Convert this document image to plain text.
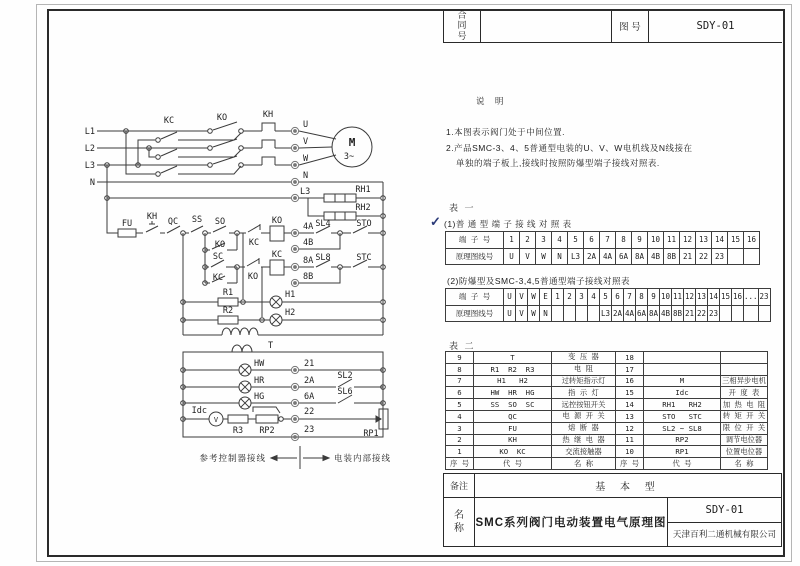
合同号
图 号	SDY-01
说 明
1.本图表示阀门处于中间位置.
2.产品SMC-3、4、5普通型电装的U、V、W电机线及N线接在
单独的端子板上,接线时按照防爆型端子接线对照表.
表 一
✓ (1)普 通 型 端 子 接 线 对 照 表
端 子 号	1	2	3	4	5	6	7	8	9	10	11	12	13	14	15	16
原理图线号	U	V	W	N	L3	2A	4A	6A	8A	4B	8B	21	22	23		
(2)防爆型及SMC-3,4,5普通型端子接线对照表
端 子 号	U	V	W	E	1	2	3	4	5	6	7	8	9	10	11	12	13	14	15	16	...	23
原理图线号	U	V	W	N					L3	2A	4A	6A	8A	4B	8B	21	22	23				
表 二
9	T	变 压 器	18		
8	R1  R2  R3	电 阻	17		
7	H1   H2	过转矩指示灯	16	M	三相异步电机
6	HW  HR  HG	指 示 灯	15	Idc	开 度 表
5	SS  SO  SC	远控按钮开关	14	RH1   RH2	加 热 电 阻
4	QC	电 源 开 关	13	STO   STC	转 矩 开 关
3	FU	熔 断 器	12	SL2 ~ SL8	限 位 开 关
2	KH	热 继 电 器	11	RP2	调节电位器
1	KO  KC	交流接触器	10	RP1	位置电位器
序 号	代 号	名 称	序 号	代 号	名 称
备注	基 本 型
名称 SMC系列阀门电动装置电气原理图
SDY-01
天津百利二通机械有限公司
L1
L2
L3
N
KC	KO	KH
U
V
W
N
L3
M
3~
RH1
RH2
FU
KH QC SS SO
KO
SC
KC
KC
KO
KO
KC
4A
4B
8A
8B
SL4	STO
SL8	STC
R1	H1
R2	H2
T
HW	21
HR	2A	SL2
HG	6A	SL6
Idc
V
R3 RP2
22
RP1
23
参考控制器接线	电装内部接线
